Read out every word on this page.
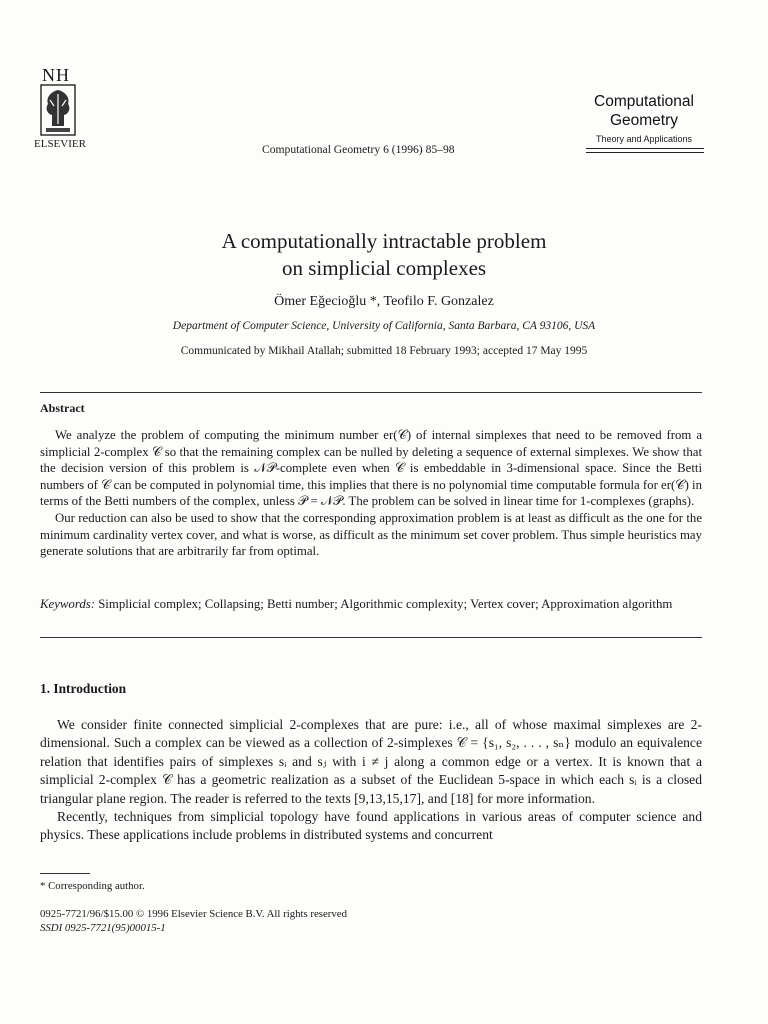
NH
ELSEVIER	Computational Geometry 6 (1996) 85–98
Computational
Geometry
Theory and Applications
A computationally intractable problem
on simplicial complexes
Ömer Eğecioğlu *, Teofilo F. Gonzalez
Department of Computer Science, University of California, Santa Barbara, CA 93106, USA
Communicated by Mikhail Atallah; submitted 18 February 1993; accepted 17 May 1995
Abstract

We analyze the problem of computing the minimum number er(𝒞) of internal simplexes that need to be removed from a simplicial 2-complex 𝒞 so that the remaining complex can be nulled by deleting a sequence of external simplexes. We show that the decision version of this problem is 𝒩𝒫-complete even when 𝒞 is embeddable in 3-dimensional space. Since the Betti numbers of 𝒞 can be computed in polynomial time, this implies that there is no polynomial time computable formula for er(𝒞) in terms of the Betti numbers of the complex, unless 𝒫 = 𝒩𝒫. The problem can be solved in linear time for 1-complexes (graphs).

Our reduction can also be used to show that the corresponding approximation problem is at least as difficult as the one for the minimum cardinality vertex cover, and what is worse, as difficult as the minimum set cover problem. Thus simple heuristics may generate solutions that are arbitrarily far from optimal.

Keywords: Simplicial complex; Collapsing; Betti number; Algorithmic complexity; Vertex cover; Approximation algorithm
1. Introduction

We consider finite connected simplicial 2-complexes that are pure: i.e., all of whose maximal simplexes are 2-dimensional. Such a complex can be viewed as a collection of 2-simplexes 𝒞 = {s₁, s₂, . . . , sₙ} modulo an equivalence relation that identifies pairs of simplexes sᵢ and sⱼ with i ≠ j along a common edge or a vertex. It is known that a simplicial 2-complex 𝒞 has a geometric realization as a subset of the Euclidean 5-space in which each sᵢ is a closed triangular plane region. The reader is referred to the texts [9,13,15,17], and [18] for more information.

Recently, techniques from simplicial topology have found applications in various areas of computer science and physics. These applications include problems in distributed systems and concurrent

* Corresponding author.
0925-7721/96/$15.00 © 1996 Elsevier Science B.V. All rights reserved
SSDI 0925-7721(95)00015-1
